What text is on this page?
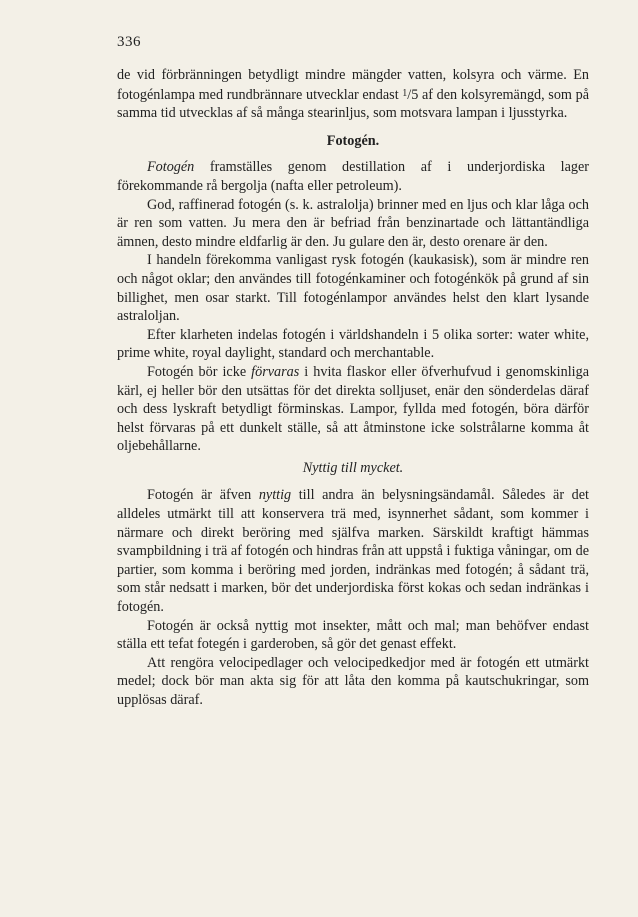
336

de vid förbränningen betydligt mindre mängder vatten, kolsyra och värme. En fotogénlampa med rundbrännare utvecklar endast $^1$/5 af den kolsyremängd, som på samma tid utvecklas af så många stearinljus, som motsvara lampan i ljusstyrka.

Fotogén.

Fotogén framställes genom destillation af i underjordiska lager förekommande rå bergolja (nafta eller petroleum).

God, raffinerad fotogén (s. k. astralolja) brinner med en ljus och klar låga och är ren som vatten. Ju mera den är befriad från benzinartade och lättantändliga ämnen, desto mindre eldfarlig är den. Ju gulare den är, desto orenare är den.

I handeln förekomma vanligast rysk fotogén (kaukasisk), som är mindre ren och något oklar; den användes till fotogénkaminer och fotogénkök på grund af sin billighet, men osar starkt. Till fotogénlampor användes helst den klart lysande astraloljan.

Efter klarheten indelas fotogén i världshandeln i 5 olika sorter: water white, prime white, royal daylight, standard och merchantable.

Fotogén bör icke förvaras i hvita flaskor eller öfverhufvud i genomskinliga kärl, ej heller bör den utsättas för det direkta solljuset, enär den sönderdelas däraf och dess lyskraft betydligt förminskas. Lampor, fyllda med fotogén, böra därför helst förvaras på ett dunkelt ställe, så att åtminstone icke solstrålarne komma åt oljebehållarne.

Nyttig till mycket.

Fotogén är äfven nyttig till andra än belysningsändamål. Således är det alldeles utmärkt till att konservera trä med, isynnerhet sådant, som kommer i närmare och direkt beröring med själfva marken. Särskildt kraftigt hämmas svampbildning i trä af fotogén och hindras från att uppstå i fuktiga våningar, om de partier, som komma i beröring med jorden, indränkas med fotogén; å sådant trä, som står nedsatt i marken, bör det underjordiska först kokas och sedan indränkas i fotogén.

Fotogén är också nyttig mot insekter, mått och mal; man behöfver endast ställa ett tefat fotegén i garderoben, så gör det genast effekt.

Att rengöra velocipedlager och velocipedkedjor med är fotogén ett utmärkt medel; dock bör man akta sig för att låta den komma på kautschukringar, som upplösas däraf.
